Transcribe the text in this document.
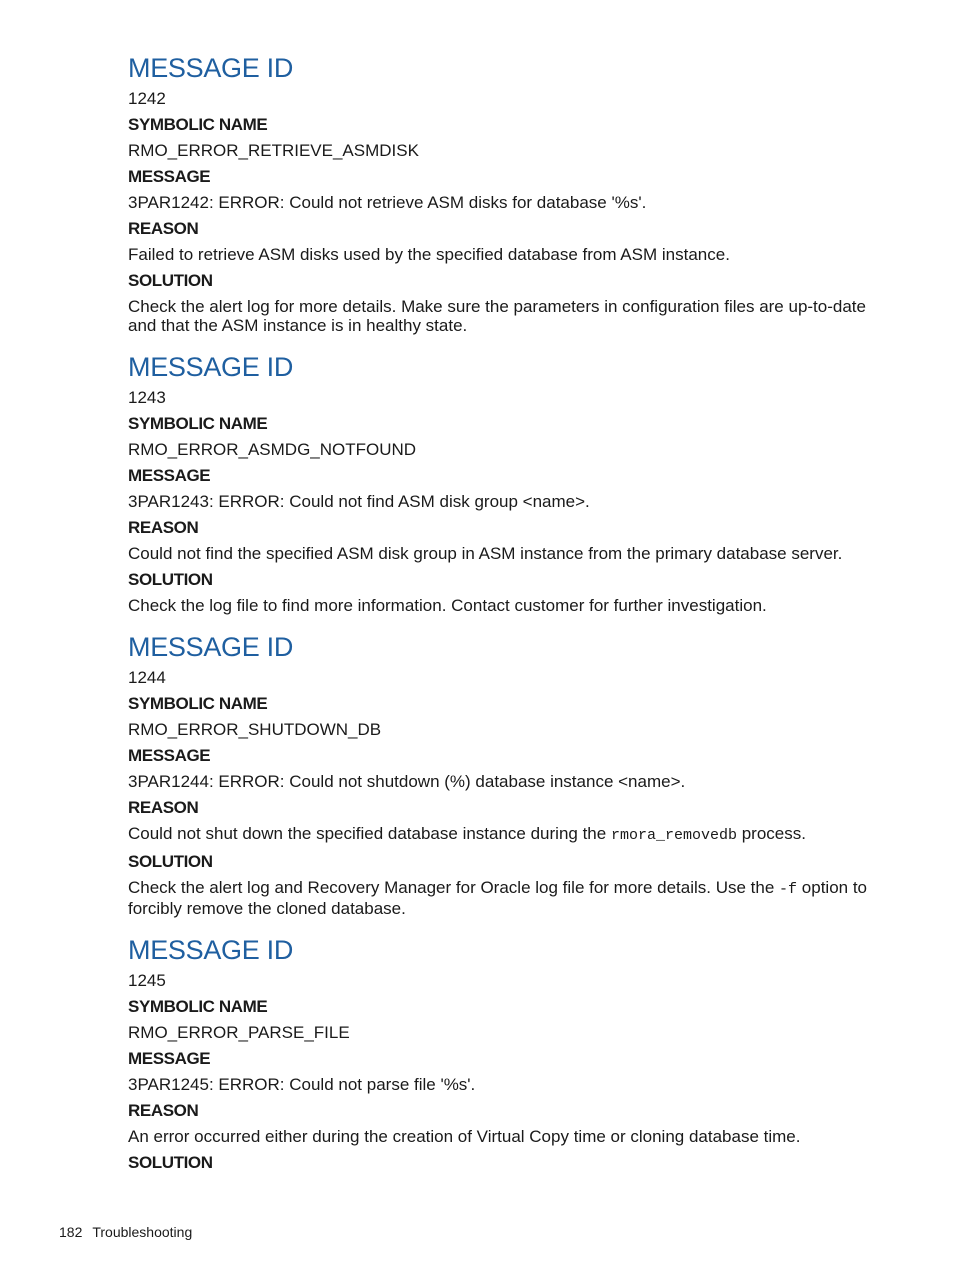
MESSAGE ID

1242

SYMBOLIC NAME

RMO_ERROR_RETRIEVE_ASMDISK

MESSAGE

3PAR1242: ERROR: Could not retrieve ASM disks for database '%s'.

REASON

Failed to retrieve ASM disks used by the specified database from ASM instance.

SOLUTION

Check the alert log for more details. Make sure the parameters in configuration files are up-to-date and that the ASM instance is in healthy state.

MESSAGE ID

1243

SYMBOLIC NAME

RMO_ERROR_ASMDG_NOTFOUND

MESSAGE

3PAR1243: ERROR: Could not find ASM disk group <name>.

REASON

Could not find the specified ASM disk group in ASM instance from the primary database server.

SOLUTION

Check the log file to find more information. Contact customer for further investigation.

MESSAGE ID

1244

SYMBOLIC NAME

RMO_ERROR_SHUTDOWN_DB

MESSAGE

3PAR1244: ERROR: Could not shutdown (%) database instance <name>.

REASON

Could not shut down the specified database instance during the rmora_removedb process.

SOLUTION

Check the alert log and Recovery Manager for Oracle log file for more details. Use the -f option to forcibly remove the cloned database.

MESSAGE ID

1245

SYMBOLIC NAME

RMO_ERROR_PARSE_FILE

MESSAGE

3PAR1245: ERROR: Could not parse file '%s'.

REASON

An error occurred either during the creation of Virtual Copy time or cloning database time.

SOLUTION

182 Troubleshooting
